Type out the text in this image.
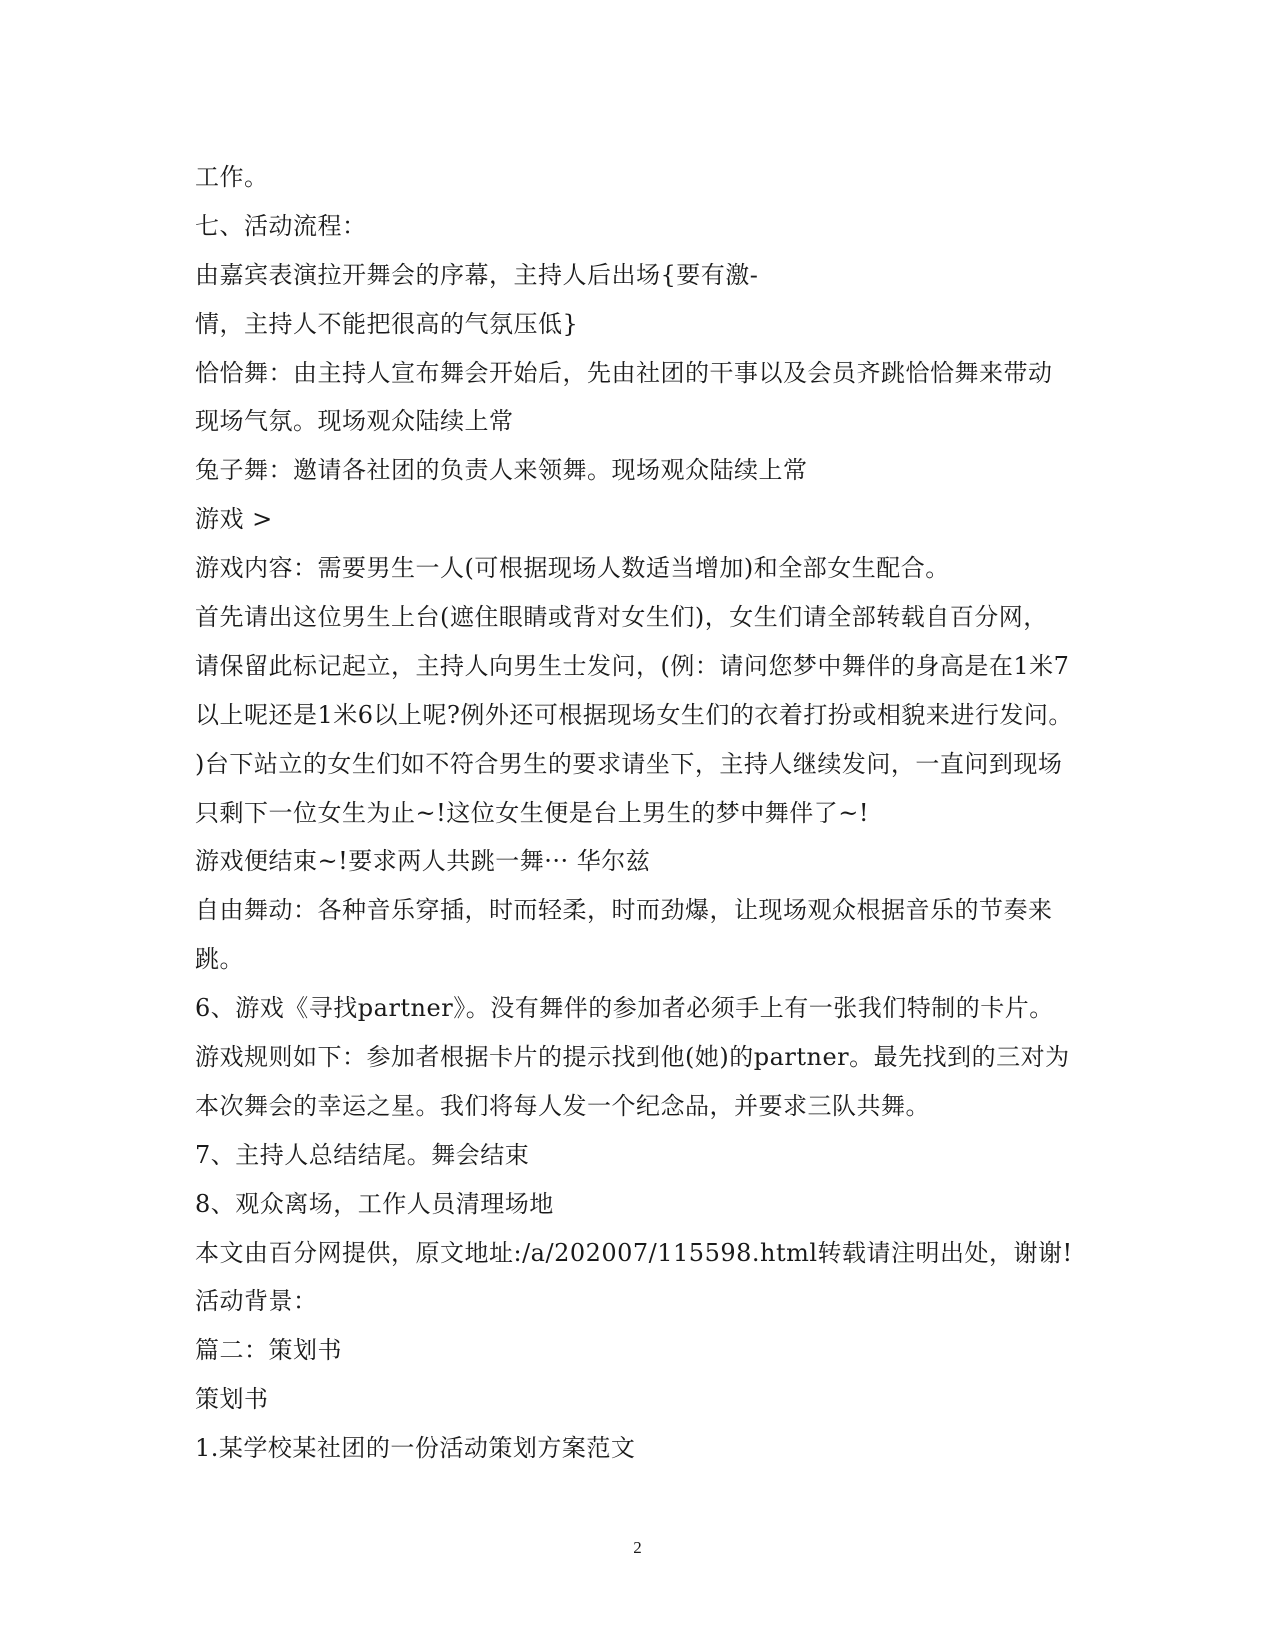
工作。
七、活动流程：
由嘉宾表演拉开舞会的序幕，主持人后出场{要有激-
情，主持人不能把很高的气氛压低}
恰恰舞：由主持人宣布舞会开始后，先由社团的干事以及会员齐跳恰恰舞来带动
现场气氛。现场观众陆续上常
兔子舞：邀请各社团的负责人来领舞。现场观众陆续上常
游戏 >
游戏内容：需要男生一人(可根据现场人数适当增加)和全部女生配合。
首先请出这位男生上台(遮住眼睛或背对女生们)，女生们请全部转载自百分网，
请保留此标记起立，主持人向男生士发问，(例：请问您梦中舞伴的身高是在1米7
以上呢还是1米6以上呢?例外还可根据现场女生们的衣着打扮或相貌来进行发问。
)台下站立的女生们如不符合男生的要求请坐下，主持人继续发问，一直问到现场
只剩下一位女生为止~!这位女生便是台上男生的梦中舞伴了~!
游戏便结束~!要求两人共跳一舞··· 华尔兹
自由舞动：各种音乐穿插，时而轻柔，时而劲爆，让现场观众根据音乐的节奏来
跳。
6、游戏《寻找partner》。没有舞伴的参加者必须手上有一张我们特制的卡片。
游戏规则如下：参加者根据卡片的提示找到他(她)的partner。最先找到的三对为
本次舞会的幸运之星。我们将每人发一个纪念品，并要求三队共舞。
7、主持人总结结尾。舞会结束
8、观众离场，工作人员清理场地
本文由百分网提供，原文地址:/a/202007/115598.html转载请注明出处，谢谢!
活动背景：
篇二：策划书
策划书
1.某学校某社团的一份活动策划方案范文
2
